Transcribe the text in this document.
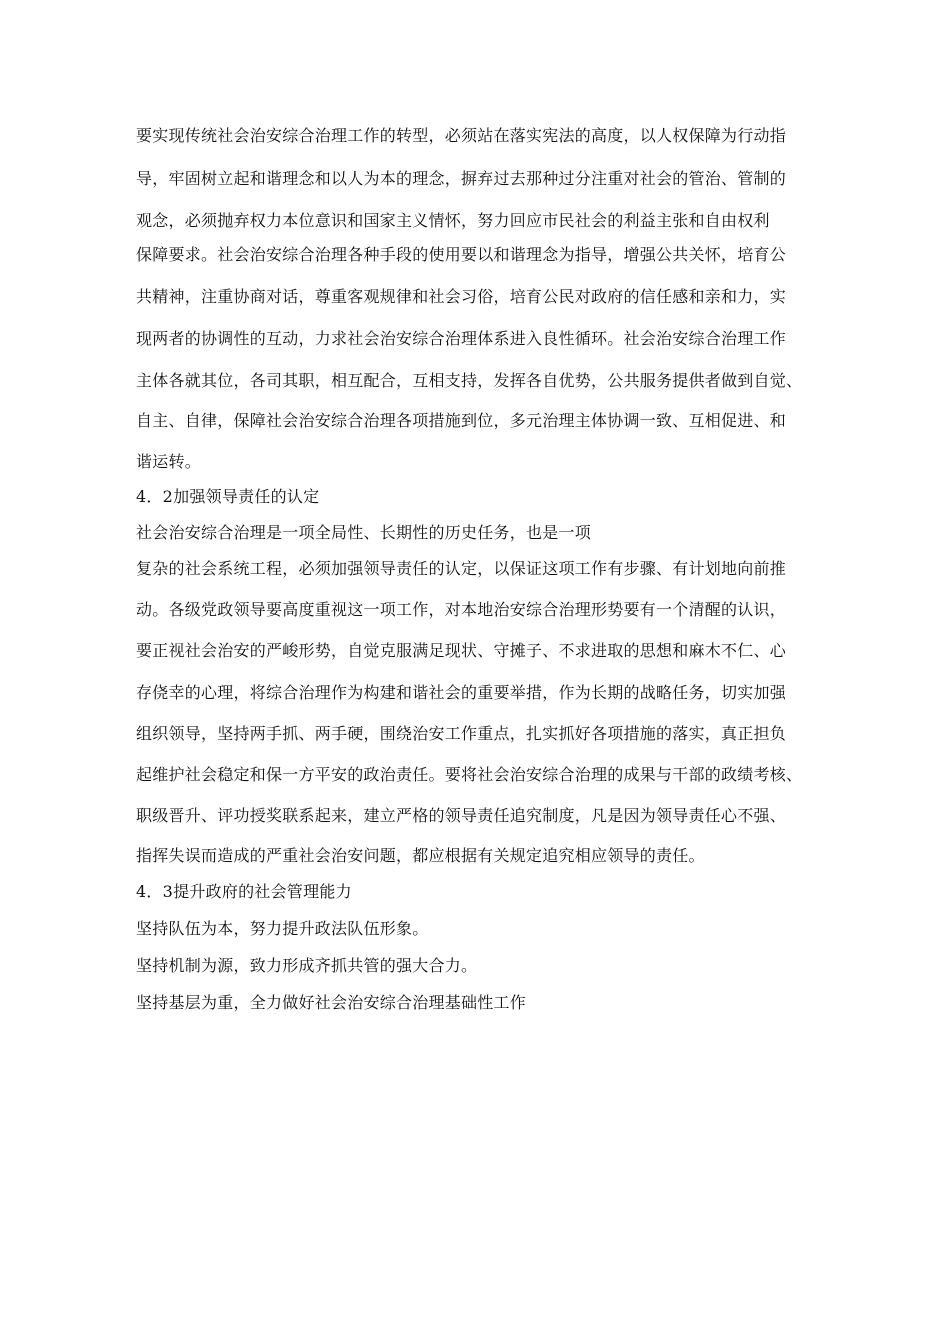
要实现传统社会治安综合治理工作的转型，必须站在落实宪法的高度，以人权保障为行动指
导，牢固树立起和谐理念和以人为本的理念，摒弃过去那种过分注重对社会的管治、管制的
观念，必须抛弃权力本位意识和国家主义情怀，努力回应市民社会的利益主张和自由权利
保障要求。社会治安综合治理各种手段的使用要以和谐理念为指导，增强公共关怀，培育公
共精神，注重协商对话，尊重客观规律和社会习俗，培育公民对政府的信任感和亲和力，实
现两者的协调性的互动，力求社会治安综合治理体系进入良性循环。社会治安综合治理工作
主体各就其位，各司其职，相互配合，互相支持，发挥各自优势，公共服务提供者做到自觉、
自主、自律，保障社会治安综合治理各项措施到位，多元治理主体协调一致、互相促进、和
谐运转。
4．2加强领导责任的认定
社会治安综合治理是一项全局性、长期性的历史任务，也是一项
复杂的社会系统工程，必须加强领导责任的认定，以保证这项工作有步骤、有计划地向前推
动。各级党政领导要高度重视这一项工作，对本地治安综合治理形势要有一个清醒的认识，
要正视社会治安的严峻形势，自觉克服满足现状、守摊子、不求进取的思想和麻木不仁、心
存侥幸的心理，将综合治理作为构建和谐社会的重要举措，作为长期的战略任务，切实加强
组织领导，坚持两手抓、两手硬，围绕治安工作重点，扎实抓好各项措施的落实，真正担负
起维护社会稳定和保一方平安的政治责任。要将社会治安综合治理的成果与干部的政绩考核、
职级晋升、评功授奖联系起来，建立严格的领导责任追究制度，凡是因为领导责任心不强、
指挥失误而造成的严重社会治安问题，都应根据有关规定追究相应领导的责任。
4．3提升政府的社会管理能力
坚持队伍为本，努力提升政法队伍形象。
坚持机制为源，致力形成齐抓共管的强大合力。
坚持基层为重，全力做好社会治安综合治理基础性工作
